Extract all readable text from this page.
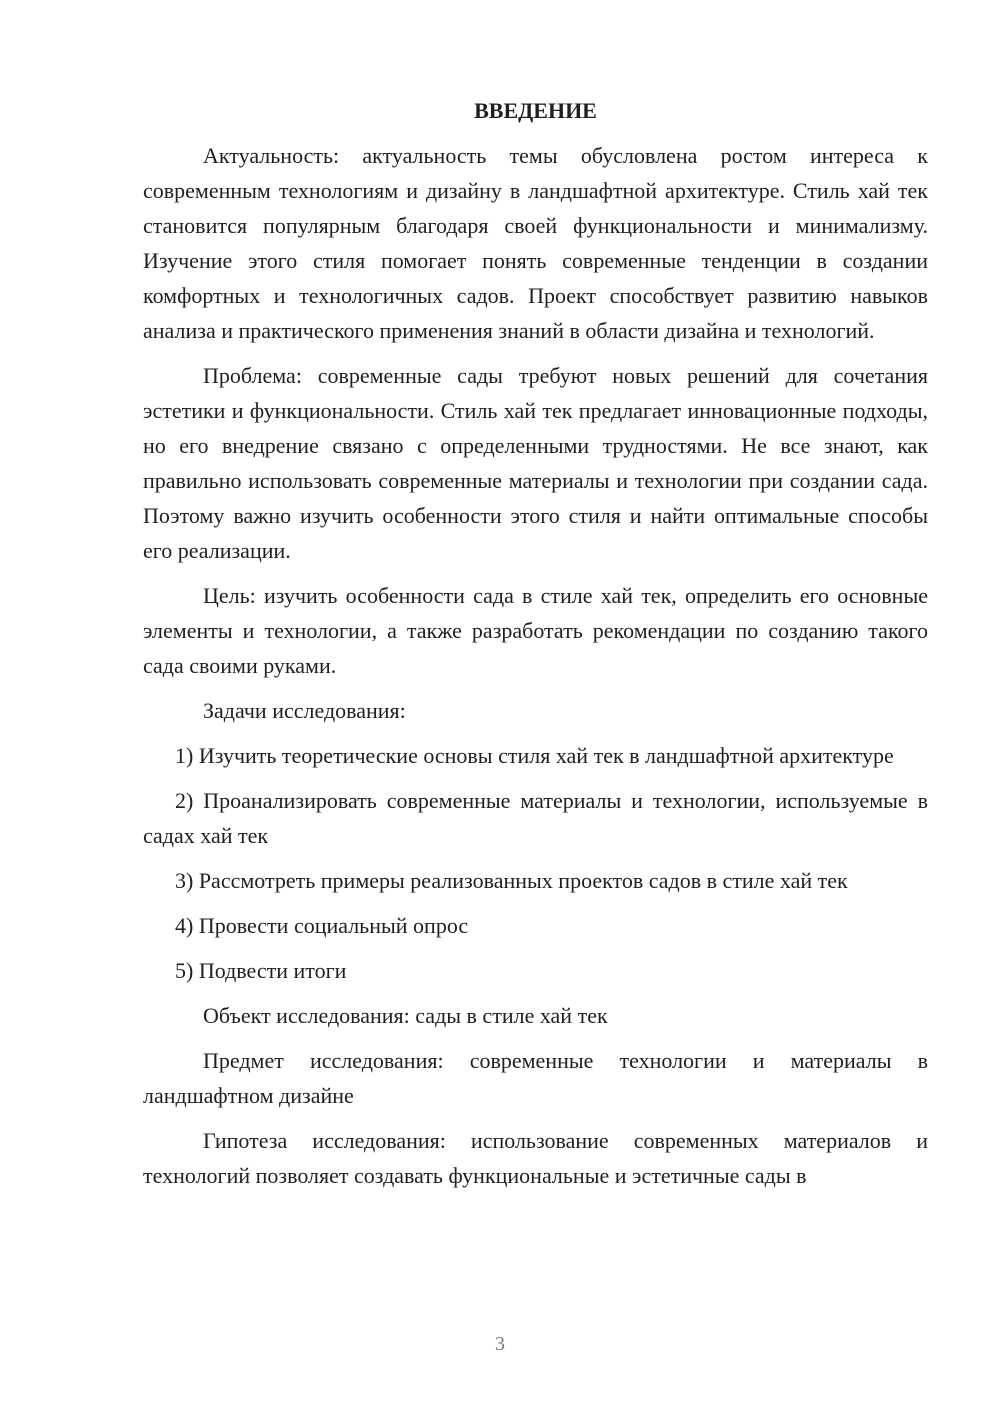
ВВЕДЕНИЕ

Актуальность: актуальность темы обусловлена ростом интереса к современным технологиям и дизайну в ландшафтной архитектуре. Стиль хай тек становится популярным благодаря своей функциональности и минимализму. Изучение этого стиля помогает понять современные тенденции в создании комфортных и технологичных садов. Проект способствует развитию навыков анализа и практического применения знаний в области дизайна и технологий.

Проблема: современные сады требуют новых решений для сочетания эстетики и функциональности. Стиль хай тек предлагает инновационные подходы, но его внедрение связано с определенными трудностями. Не все знают, как правильно использовать современные материалы и технологии при создании сада. Поэтому важно изучить особенности этого стиля и найти оптимальные способы его реализации.

Цель: изучить особенности сада в стиле хай тек, определить его основные элементы и технологии, а также разработать рекомендации по созданию такого сада своими руками.

Задачи исследования:

1) Изучить теоретические основы стиля хай тек в ландшафтной архитектуре

2) Проанализировать современные материалы и технологии, используемые в садах хай тек

3) Рассмотреть примеры реализованных проектов садов в стиле хай тек

4) Провести социальный опрос

5) Подвести итоги

Объект исследования: сады в стиле хай тек

Предмет исследования: современные технологии и материалы в ландшафтном дизайне

Гипотеза исследования: использование современных материалов и технологий позволяет создавать функциональные и эстетичные сады в

3
